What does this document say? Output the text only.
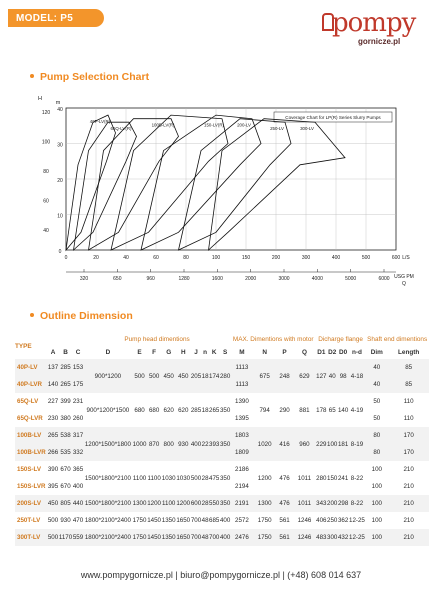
MODEL : P5	pompy
gornicze.pl
Pump Selection Chart
120
100
80
60
40
40
30
20
10
0
H
m
0	20	40	60	80	100	150	200	300	400	500	600 L/S
320	650	960	1280	1600	2000	3000	4000	5000	6000 USG PM
Q
Coverage Chart for LP(R) Series Slurry Pumps
40P-LV(R)
65Q-LV(R)
100B-LV(R)	150-LV(R)	200-LV
250-LV	300-LV
Outline Dimension
TYPE				Pump head dimentions									MAX. Dimentions with motor				Dicharge flange				Shaft end dimentions	
	A	B	C	D	E	F	G	H	J	n	K	S	M	N	P	Q	D1	D2	D0	n-d	Dim	Length
40P-LV	137	285	153	900*1200	500	500	450	450	205	18	174	280	1113	675	248	629	127	40	98	4-18	40	85
40P-LVR	140	265	175										1113								40	85
65Q-LV	227	399	231	900*1200*1500	680	680	620	620	285	18	265	350	1390	794	290	881	178	65	140	4-19	50	110
65Q-LVR	230	380	260										1395								50	110
100B-LV	265	538	317	1200*1500*1800	1000	870	800	930	400	22	393	350	1803	1020	416	960	229	100	181	8-19	80	170
100B-LVR	266	535	332										1809								80	170
150S-LV	390	670	365	1500*1800*2100	1100	1100	1030	1030	500	28	475	350	2186	1200	476	1011	280	150	241	8-22	100	210
150S-LVR	395	670	400										2194								100	210
200S-LV	450	805	440	1500*1800*2100	1300	1200	1100	1200	600	28	550	350	2191	1300	476	1011	343	200	298	8-22	100	210
250T-LV	500	930	470	1800*2100*2400	1750	1450	1350	1650	700	48	685	400	2572	1750	561	1246	406	250	362	12-25	100	210
300T-LV	500	1170	559	1800*2100*2400	1750	1450	1350	1650	700	48	700	400	2476	1750	561	1246	483	300	432	12-25	100	210
www.pompygornicze.pl | biuro@pompygornicze.pl | (+48) 608 014 637
